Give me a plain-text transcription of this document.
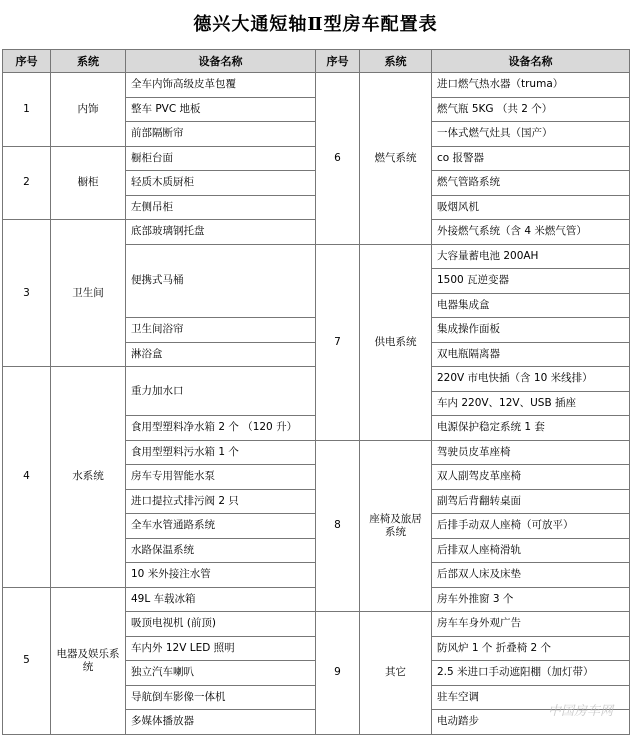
德兴大通短轴Ⅱ型房车配置表
序号	系统	设备名称	序号	系统	设备名称
1	内饰	全车内饰高级皮革包覆	6	燃气系统	进口燃气热水器（truma）
		整车 PVC 地板			燃气瓶 5KG （共 2 个）
		前部隔断帘			一体式燃气灶具（国产）
2	橱柜	橱柜台面			co 报警器
		轻质木质厨柜			燃气管路系统
		左侧吊柜			吸烟风机
3	卫生间	底部玻璃钢托盘			外接燃气系统（含 4 米燃气管）
		便携式马桶	7	供电系统	大容量蓄电池 200AH
					1500 瓦逆变器
					电器集成盒
		卫生间浴帘			集成操作面板
		淋浴盒			双电瓶隔离器
4	水系统	重力加水口			220V 市电快插（含 10 米线排）
					车内 220V、12V、USB 插座
		食用型塑料净水箱 2 个 （120 升）			电源保护稳定系统 1 套
		食用型塑料污水箱 1 个	8	座椅及旅居系统	驾驶员皮革座椅
		房车专用智能水泵			双人副驾皮革座椅
		进口提拉式排污阀 2 只			副驾后背翻转桌面
		全车水管通路系统			后排手动双人座椅（可放平）
		水路保温系统			后排双人座椅滑轨
		10 米外接注水管			后部双人床及床垫
5	电器及娱乐系统	49L 车载冰箱			房车外推窗 3 个
		吸顶电视机 (前顶)	9	其它	房车车身外观广告
		车内外 12V LED 照明			防风炉 1 个 折叠椅 2 个
		独立汽车喇叭			2.5 米进口手动遮阳棚（加灯带）
		导航倒车影像一体机			驻车空调
		多媒体播放器			电动踏步
中国房车网
